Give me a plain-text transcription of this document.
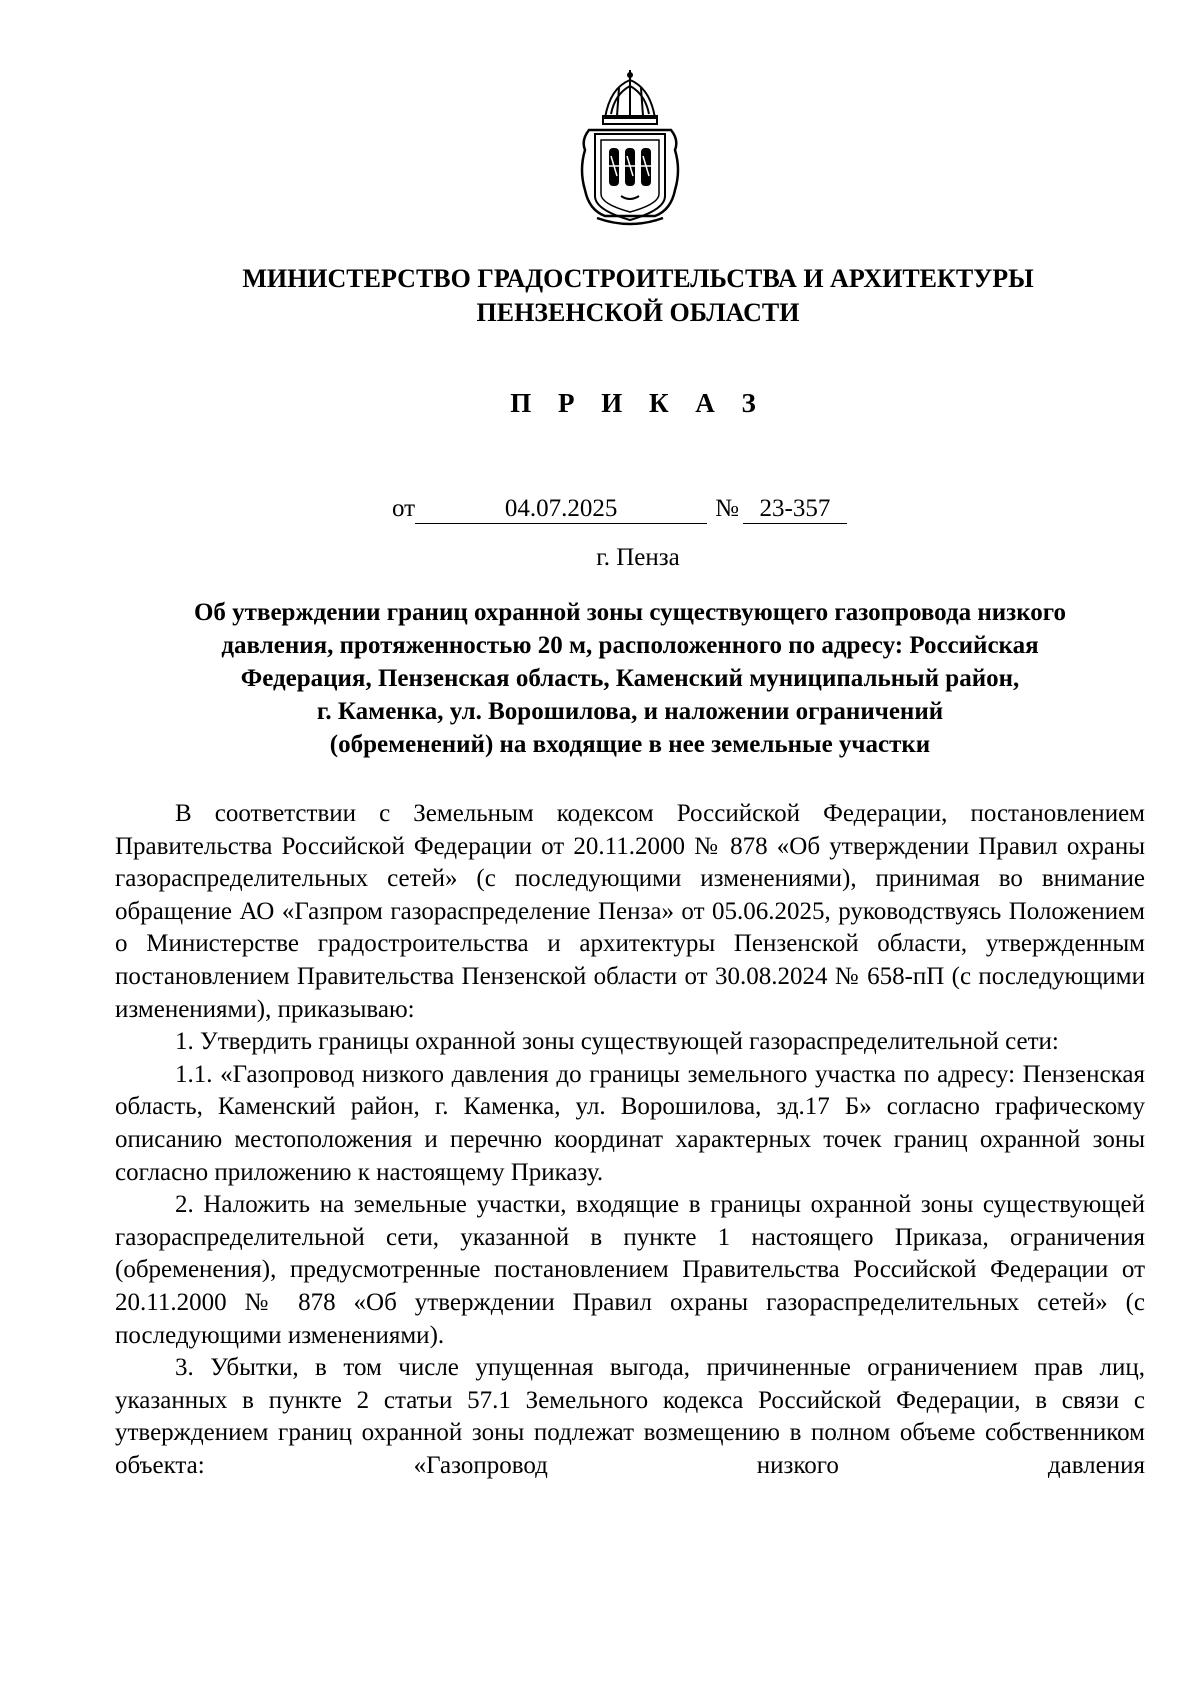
МИНИСТЕРСТВО ГРАДОСТРОИТЕЛЬСТВА И АРХИТЕКТУРЫ
ПЕНЗЕНСКОЙ ОБЛАСТИ
П Р И К А З
от	04.07.2025	№ 23-357
г. Пенза
Об утверждении границ охранной зоны существующего газопровода низкого
давления, протяженностью 20 м, расположенного по адресу: Российская
Федерация, Пензенская область, Каменский муниципальный район,
г. Каменка, ул. Ворошилова, и наложении ограничений
(обременений) на входящие в нее земельные участки

В соответствии с Земельным кодексом Российской Федерации, постановлением Правительства Российской Федерации от 20.11.2000 № 878 «Об утверждении Правил охраны газораспределительных сетей» (с последующими изменениями), принимая во внимание обращение АО «Газпром газораспределение Пенза» от 05.06.2025, руководствуясь Положением о Министерстве градостроительства и архитектуры Пензенской области, утвержденным постановлением Правительства Пензенской области от 30.08.2024 № 658-пП (с последующими изменениями), приказываю:

1. Утвердить границы охранной зоны существующей газораспределительной сети:

1.1. «Газопровод низкого давления до границы земельного участка по адресу: Пензенская область, Каменский район, г. Каменка, ул. Ворошилова, зд.17 Б» согласно графическому описанию местоположения и перечню координат характерных точек границ охранной зоны согласно приложению к настоящему Приказу.

2. Наложить на земельные участки, входящие в границы охранной зоны существующей газораспределительной сети, указанной в пункте 1 настоящего Приказа, ограничения (обременения), предусмотренные постановлением Правительства Российской Федерации от 20.11.2000 № 878 «Об утверждении Правил охраны газораспределительных сетей» (с последующими изменениями).

3. Убытки, в том числе упущенная выгода, причиненные ограничением прав лиц, указанных в пункте 2 статьи 57.1 Земельного кодекса Российской Федерации, в связи с утверждением границ охранной зоны подлежат возмещению в полном объеме собственником объекта: «Газопровод низкого давления
